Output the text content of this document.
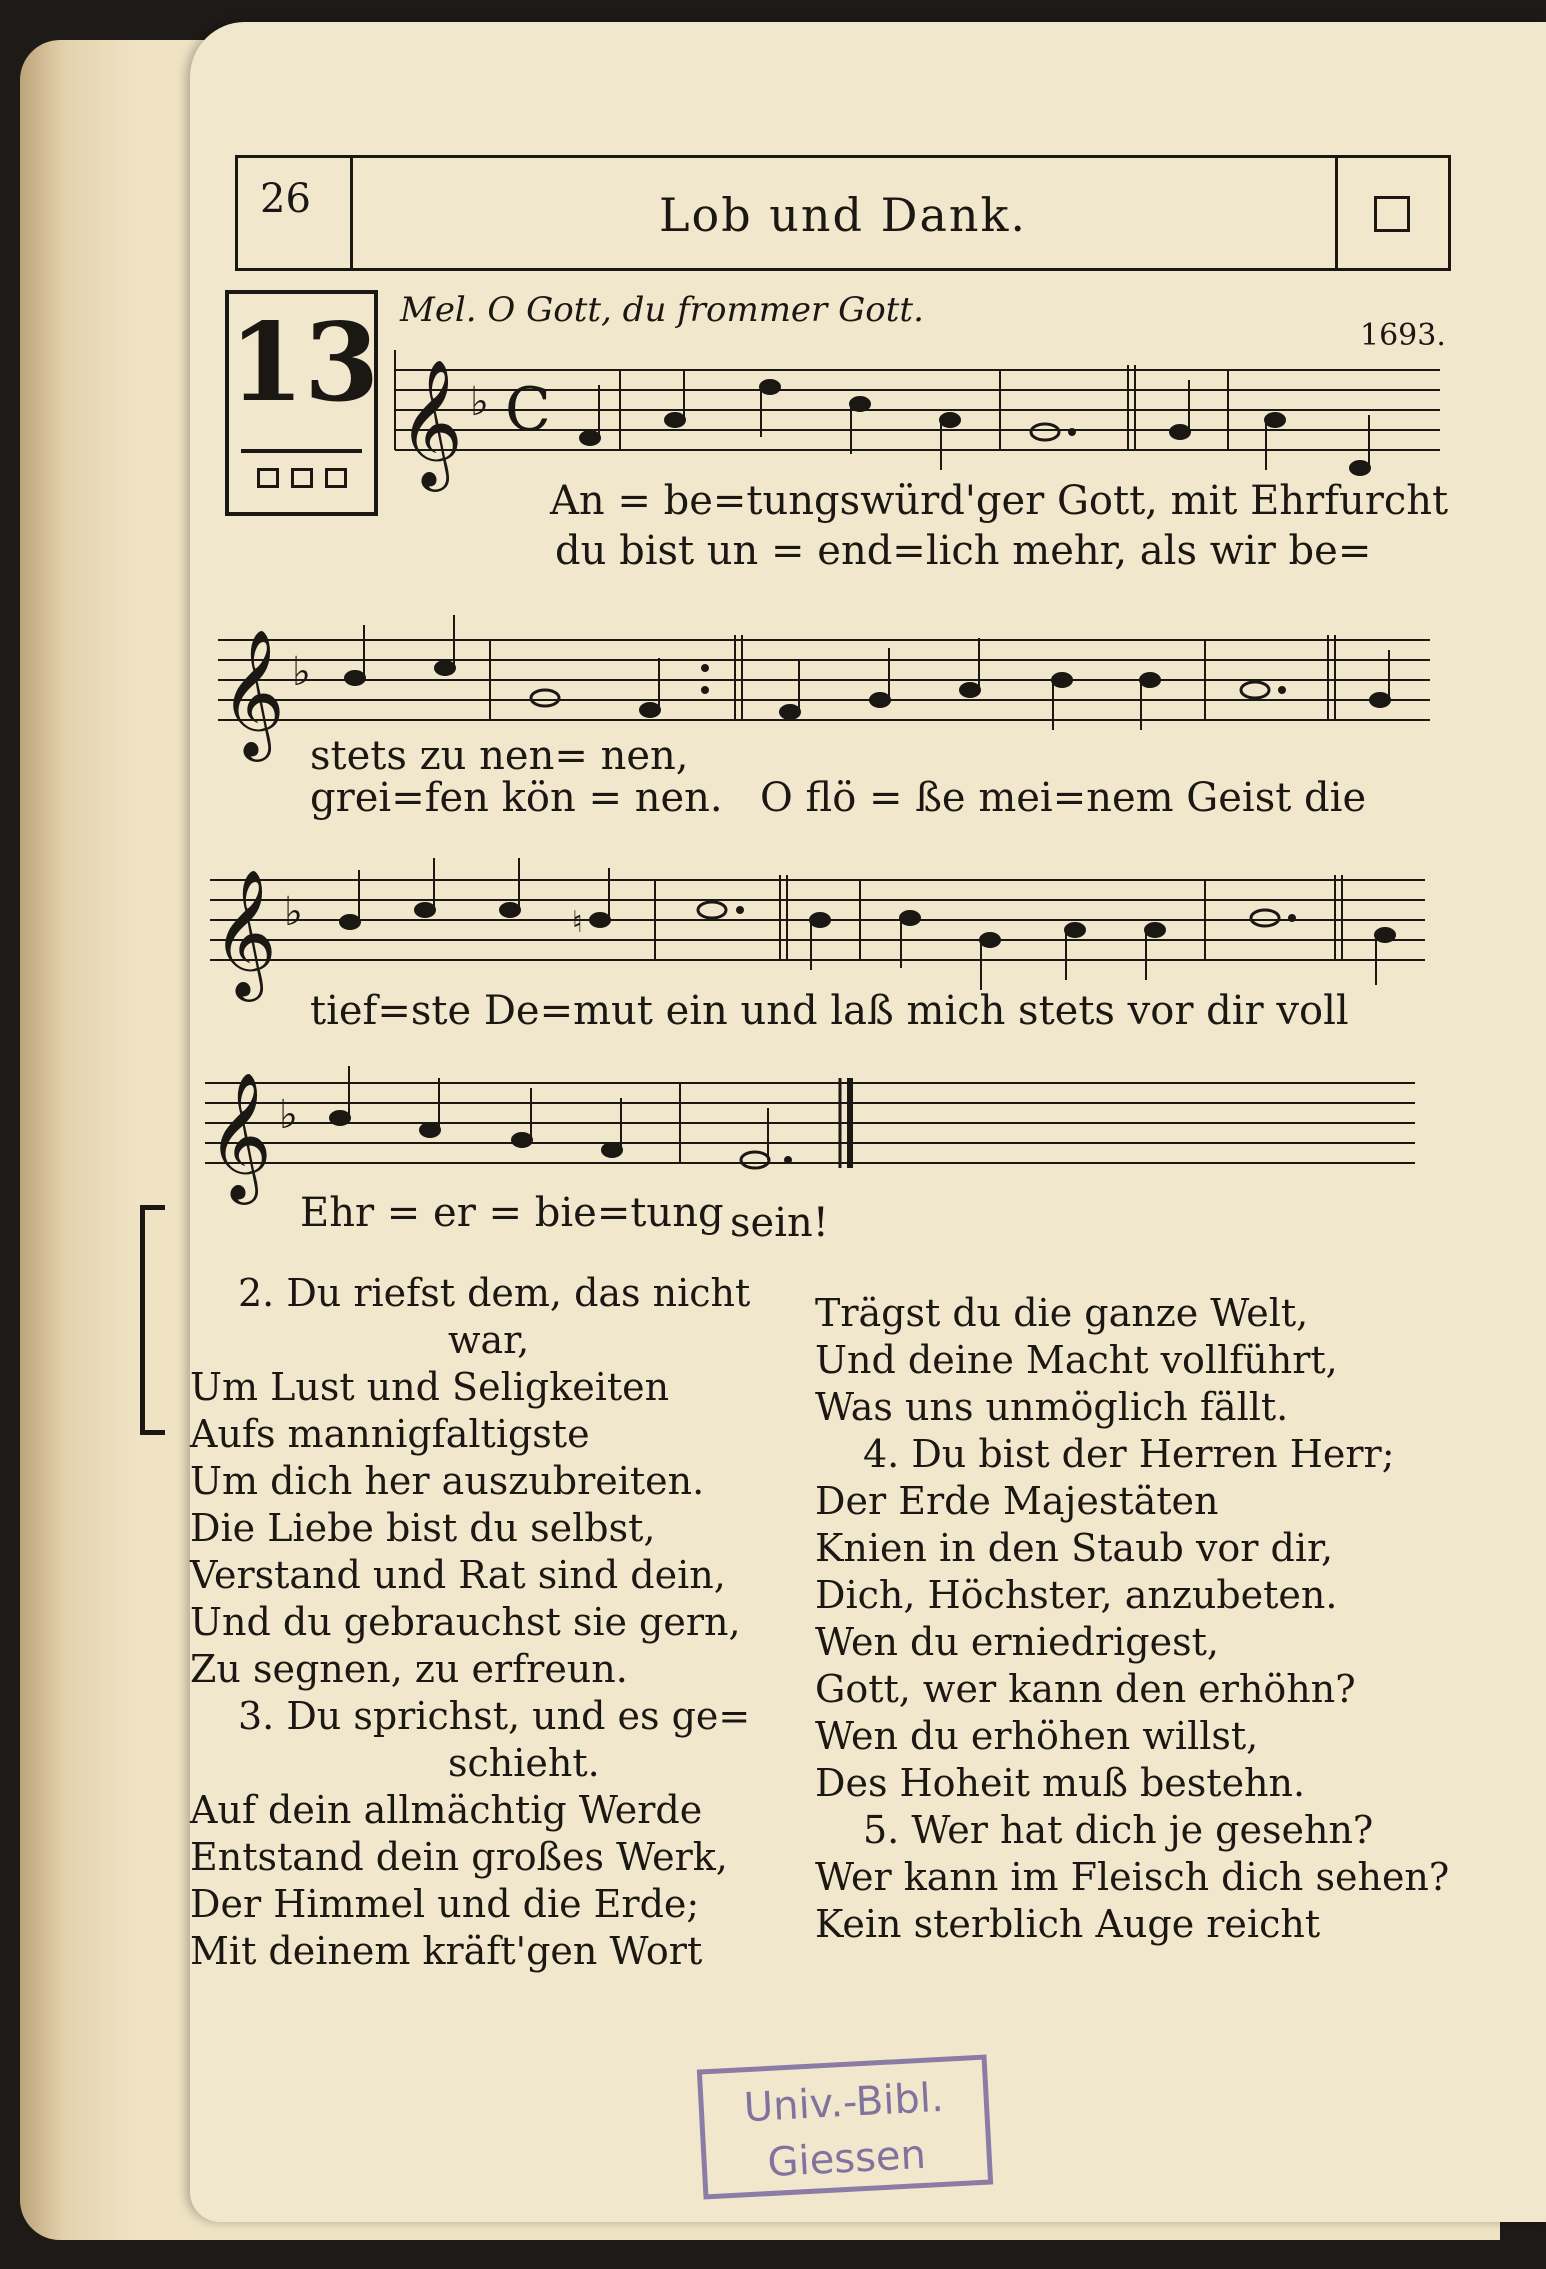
26	Lob und Dank.
13 Mel. O Gott, du frommer Gott.
1693.
𝄞 ♭ C
𝄞 ♭
𝄞 ♭
𝄞 ♭
♮
An = be=tungswürd'ger Gott, mit Ehrfurcht
du bist un = end=lich mehr, als wir be=
stets zu nen= nen,
grei=fen kön = nen. O flö = ße mei=nem Geist die
tief=ste De=mut ein und laß mich stets vor dir voll
Ehr = er = bie=tung sein!
2. Du riefst dem, das nicht
war,
Um Lust und Seligkeiten
Aufs mannigfaltigste
Um dich her auszubreiten.
Die Liebe bist du selbst,
Verstand und Rat sind dein,
Und du gebrauchst sie gern,
Zu segnen, zu erfreun.
3. Du sprichst, und es ge=
schieht.
Auf dein allmächtig Werde
Entstand dein großes Werk,
Der Himmel und die Erde;
Mit deinem kräft'gen Wort
Trägst du die ganze Welt,
Und deine Macht vollführt,
Was uns unmöglich fällt.
4. Du bist der Herren Herr;
Der Erde Majestäten
Knien in den Staub vor dir,
Dich, Höchster, anzubeten.
Wen du erniedrigest,
Gott, wer kann den erhöhn?
Wen du erhöhen willst,
Des Hoheit muß bestehn.
5. Wer hat dich je gesehn?
Wer kann im Fleisch dich sehen?
Kein sterblich Auge reicht
Univ.-Bibl.
Giessen
